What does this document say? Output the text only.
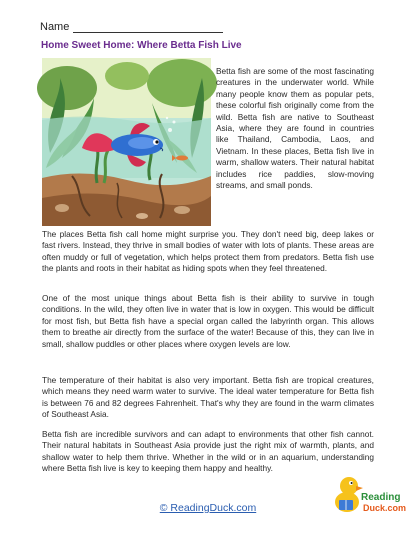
Name
Home Sweet Home: Where Betta Fish Live
Betta fish are some of the most fascinating creatures in the underwater world. While many people know them as popular pets, these colorful fish originally come from the wild. Betta fish are native to Southeast Asia, where they are found in countries like Thailand, Cambodia, Laos, and Vietnam. In these places, Betta fish live in warm, shallow waters. Their natural habitat includes rice paddies, slow-moving streams, and small ponds.
The places Betta fish call home might surprise you. They don't need big, deep lakes or fast rivers. Instead, they thrive in small bodies of water with lots of plants. These areas are often muddy or full of vegetation, which helps protect them from predators. Betta fish use the plants and roots in their habitat as hiding spots when they feel threatened.
One of the most unique things about Betta fish is their ability to survive in tough conditions. In the wild, they often live in water that is low in oxygen. This would be difficult for most fish, but Betta fish have a special organ called the labyrinth organ. This allows them to breathe air directly from the surface of the water! Because of this, they can live in small, shallow puddles or other places where oxygen levels are low.
The temperature of their habitat is also very important. Betta fish are tropical creatures, which means they need warm water to survive. The ideal water temperature for Betta fish is between 76 and 82 degrees Fahrenheit. That's why they are found in the warm climates of Southeast Asia.
Betta fish are incredible survivors and can adapt to environments that other fish cannot. Their natural habitats in Southeast Asia provide just the right mix of warmth, plants, and shallow water to help them thrive. Whether in the wild or in an aquarium, understanding where Betta fish live is key to keeping them happy and healthy.
© ReadingDuck.com
Reading
Duck.com
